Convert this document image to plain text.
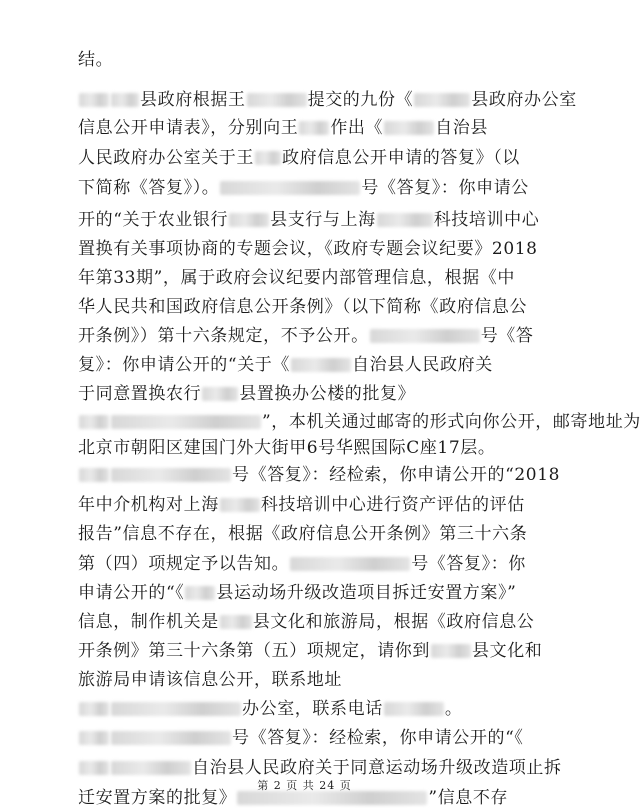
结。
县政府根据王	提交的九份《	县政府办公室
信息公开申请表》，分别向王 作出《	自治县
人民政府办公室关于王 政府信息公开申请的答复》（以
下简称《答复》）。	号《答复》：你申请公
开的“关于农业银行 县支行与上海	科技培训中心
置换有关事项协商的专题会议，《政府专题会议纪要》2018
年第33期”，属于政府会议纪要内部管理信息，根据《中
华人民共和国政府信息公开条例》（以下简称《政府信息公
开条例》）第十六条规定，不予公开。	号《答
复》：你申请公开的“关于《	自治县人民政府关
于同意置换农行 县置换办公楼的批复》
”，本机关通过邮寄的形式向你公开，邮寄地址为
北京市朝阳区建国门外大街甲6号华熙国际C座17层。
号《答复》：经检索，你申请公开的“2018
年中介机构对上海 科技培训中心进行资产评估的评估
报告”信息不存在，根据《政府信息公开条例》第三十六条
第（四）项规定予以告知。	号《答复》：你
申请公开的“《 县运动场升级改造项目拆迁安置方案》”
信息，制作机关是 县文化和旅游局，根据《政府信息公
开条例》第三十六条第（五）项规定，请你到 县文化和
旅游局申请该信息公开，联系地址
办公室，联系电话	。
号《答复》：经检索，你申请公开的“《
自治县人民政府关于同意运动场升级改造项止拆
迁安置方案的批复》	”信息不存
第 2 页 共 24 页
